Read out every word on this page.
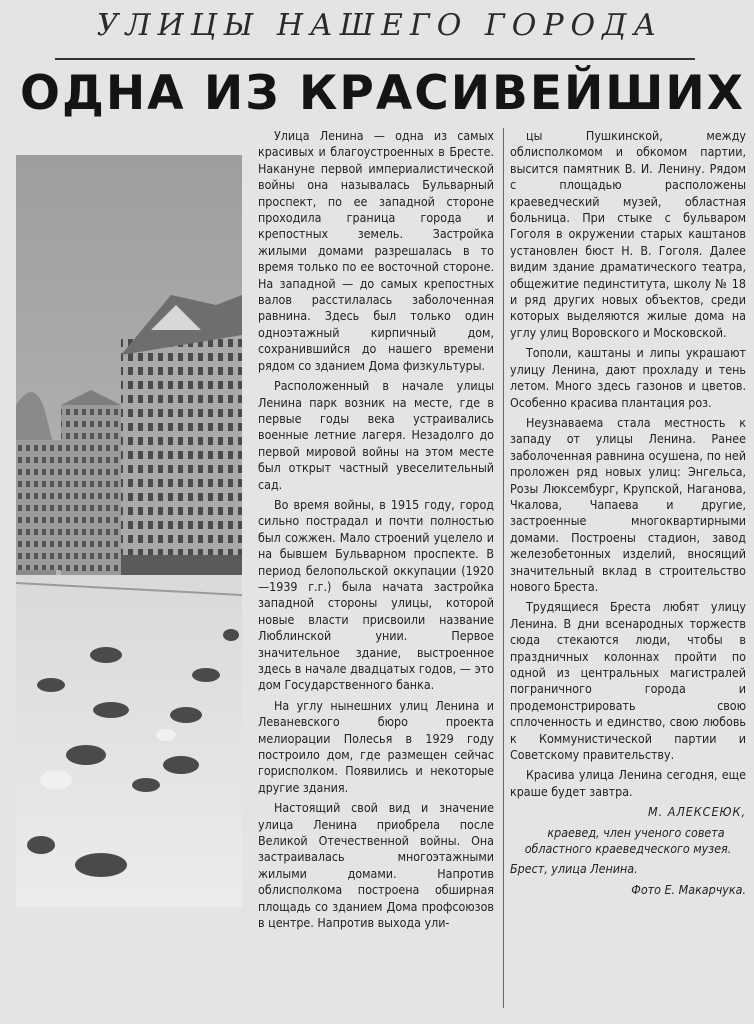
УЛИЦЫ НАШЕГО ГОРОДА
ОДНА ИЗ КРАСИВЕЙШИХ

Улица Ленина — одна из самых красивых и благоустроенных в Бресте. Накануне первой империалистической войны она называлась Бульварный проспект, по ее западной стороне проходила граница города и крепостных земель. Застройка жилыми домами разрешалась в то время только по ее восточной стороне. На западной — до самых крепостных валов расстилалась заболоченная равнина. Здесь был только один одноэтажный кирпичный дом, сохранившийся до нашего времени рядом со зданием Дома физкультуры.

Расположенный в начале улицы Ленина парк возник на месте, где в первые годы века устраивались военные летние лагеря. Незадолго до первой мировой войны на этом месте был открыт частный увеселительный сад.

Во время войны, в 1915 году, город сильно пострадал и почти полностью был сожжен. Мало строений уцелело и на бывшем Бульварном проспекте. В период белопольской оккупации (1920—1939 г.г.) была начата застройка западной стороны улицы, которой новые власти присвоили название Люблинской унии. Первое значительное здание, выстроенное здесь в начале двадцатых годов, — это дом Государственного банка.

На углу нынешних улиц Ленина и Леваневского бюро проекта мелиорации Полесья в 1929 году построило дом, где размещен сейчас горисполком. Появились и некоторые другие здания.

Настоящий свой вид и значение улица Ленина приобрела после Великой Отечественной войны. Она застраивалась многоэтажными жилыми домами. Напротив облисполкома построена обширная площадь со зданием Дома профсоюзов в центре. Напротив выхода ули-

цы Пушкинской, между облисполкомом и обкомом партии, высится памятник В. И. Ленину. Рядом с площадью расположены краеведческий музей, областная больница. При стыке с бульваром Гоголя в окружении старых каштанов установлен бюст Н. В. Гоголя. Далее видим здание драматического театра, общежитие пединститута, школу № 18 и ряд других новых объектов, среди которых выделяются жилые дома на углу улиц Воровского и Московской.

Тополи, каштаны и липы украшают улицу Ленина, дают прохладу и тень летом. Много здесь газонов и цветов. Особенно красива плантация роз.

Неузнаваема стала местность к западу от улицы Ленина. Ранее заболоченная равнина осушена, по ней проложен ряд новых улиц: Энгельса, Розы Люксембург, Крупской, Наганова, Чкалова, Чапаева и другие, застроенные многоквартирными домами. Построены стадион, завод железобетонных изделий, вносящий значительный вклад в строительство нового Бреста.

Трудящиеся Бреста любят улицу Ленина. В дни всенародных торжеств сюда стекаются люди, чтобы в праздничных колоннах пройти по одной из центральных магистралей пограничного города и продемонстрировать свою сплоченность и единство, свою любовь к Коммунистической партии и Советскому правительству.

Красива улица Ленина сегодня, еще краше будет завтра.

М. АЛЕКСЕЮК,

краевед, член ученого совета областного краеведческого музея.

Брест, улица Ленина.

Фото Е. Макарчука.
